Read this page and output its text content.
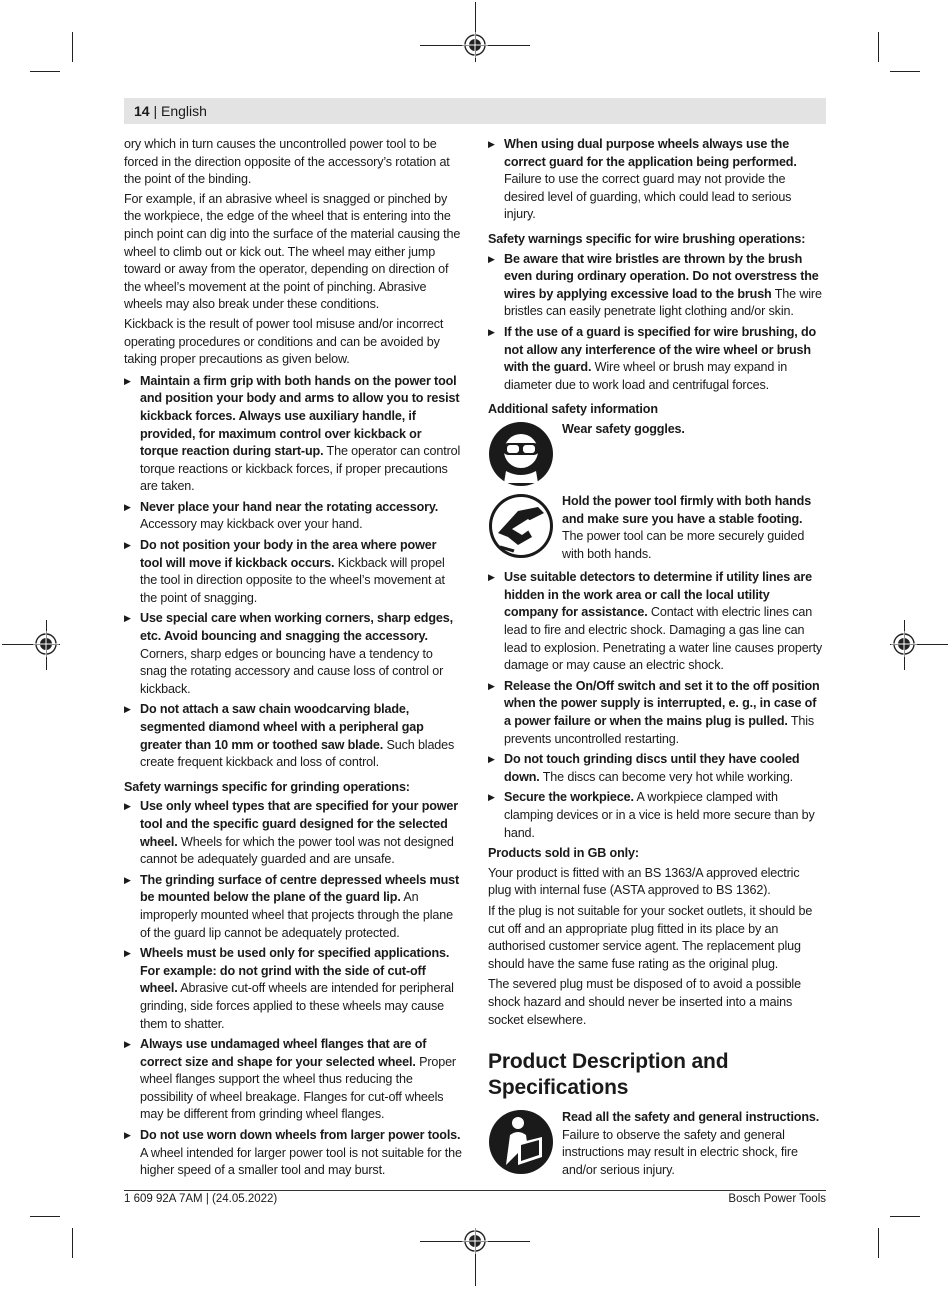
14 | English

ory which in turn causes the uncontrolled power tool to be forced in the direction opposite of the accessory’s rotation at the point of the binding.

For example, if an abrasive wheel is snagged or pinched by the workpiece, the edge of the wheel that is entering into the pinch point can dig into the surface of the material causing the wheel to climb out or kick out. The wheel may either jump toward or away from the operator, depending on direction of the wheel’s movement at the point of pinching. Abrasive wheels may also break under these conditions.

Kickback is the result of power tool misuse and/or incorrect operating procedures or conditions and can be avoided by taking proper precautions as given below.

▶ Maintain a firm grip with both hands on the power tool and position your body and arms to allow you to resist kickback forces. Always use auxiliary handle, if provided, for maximum control over kickback or torque reaction during start-up. The operator can control torque reactions or kickback forces, if proper precautions are taken.
▶ Never place your hand near the rotating accessory. Accessory may kickback over your hand.
▶ Do not position your body in the area where power tool will move if kickback occurs. Kickback will propel the tool in direction opposite to the wheel’s movement at the point of snagging.
▶ Use special care when working corners, sharp edges, etc. Avoid bouncing and snagging the accessory. Corners, sharp edges or bouncing have a tendency to snag the rotating accessory and cause loss of control or kickback.
▶ Do not attach a saw chain woodcarving blade, segmented diamond wheel with a peripheral gap greater than 10 mm or toothed saw blade. Such blades create frequent kickback and loss of control.
Safety warnings specific for grinding operations:
▶ Use only wheel types that are specified for your power tool and the specific guard designed for the selected wheel. Wheels for which the power tool was not designed cannot be adequately guarded and are unsafe.
▶ The grinding surface of centre depressed wheels must be mounted below the plane of the guard lip. An improperly mounted wheel that projects through the plane of the guard lip cannot be adequately protected.
▶ Wheels must be used only for specified applications. For example: do not grind with the side of cut-off wheel. Abrasive cut-off wheels are intended for peripheral grinding, side forces applied to these wheels may cause them to shatter.
▶ Always use undamaged wheel flanges that are of correct size and shape for your selected wheel. Proper wheel flanges support the wheel thus reducing the possibility of wheel breakage. Flanges for cut-off wheels may be different from grinding wheel flanges.
▶ Do not use worn down wheels from larger power tools. A wheel intended for larger power tool is not suitable for the higher speed of a smaller tool and may burst.
▶ When using dual purpose wheels always use the correct guard for the application being performed. Failure to use the correct guard may not provide the desired level of guarding, which could lead to serious injury.
Safety warnings specific for wire brushing operations:
▶ Be aware that wire bristles are thrown by the brush even during ordinary operation. Do not overstress the wires by applying excessive load to the brush The wire bristles can easily penetrate light clothing and/or skin.
▶ If the use of a guard is specified for wire brushing, do not allow any interference of the wire wheel or brush with the guard. Wire wheel or brush may expand in diameter due to work load and centrifugal forces.
Additional safety information
Wear safety goggles.
Hold the power tool firmly with both hands and make sure you have a stable footing. The power tool can be more securely guided with both hands.
▶ Use suitable detectors to determine if utility lines are hidden in the work area or call the local utility company for assistance. Contact with electric lines can lead to fire and electric shock. Damaging a gas line can lead to explosion. Penetrating a water line causes property damage or may cause an electric shock.
▶ Release the On/Off switch and set it to the off position when the power supply is interrupted, e. g., in case of a power failure or when the mains plug is pulled. This prevents uncontrolled restarting.
▶ Do not touch grinding discs until they have cooled down. The discs can become very hot while working.
▶ Secure the workpiece. A workpiece clamped with clamping devices or in a vice is held more secure than by hand.
Products sold in GB only:

Your product is fitted with an BS 1363/A approved electric plug with internal fuse (ASTA approved to BS 1362).

If the plug is not suitable for your socket outlets, it should be cut off and an appropriate plug fitted in its place by an authorised customer service agent. The replacement plug should have the same fuse rating as the original plug.

The severed plug must be disposed of to avoid a possible shock hazard and should never be inserted into a mains socket elsewhere.

Product Description and Specifications
Read all the safety and general instructions. Failure to observe the safety and general instructions may result in electric shock, fire and/or serious injury.
1 609 92A 7AM | (24.05.2022)	Bosch Power Tools
